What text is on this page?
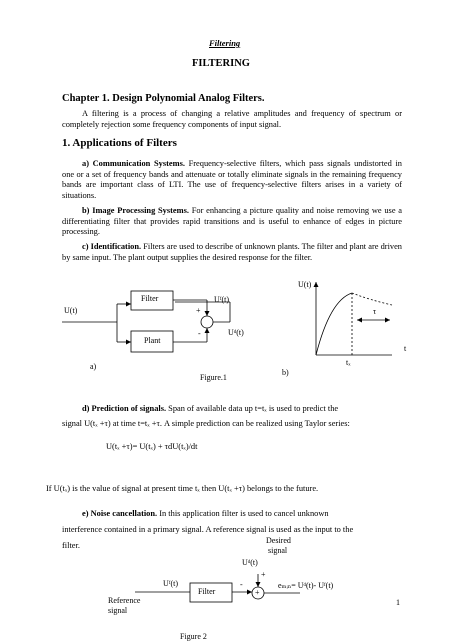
Filtering
FILTERING
Chapter 1. Design Polynomial Analog Filters.
A filtering is a process of changing a relative amplitudes and frequency of spectrum or completely rejection some frequency components of input signal.
1. Applications of Filters
a) Communication Systems. Frequency-selective filters, which pass signals undistorted in one or a set of frequency bands and attenuate or totally eliminate signals in the remaining frequency bands are important class of LTI. The use of frequency-selective filters arises in a variety of situations.
b) Image Processing Systems. For enhancing a picture quality and noise removing we use a differentiating filter that provides rapid transitions and is useful to enhance of edges in picture processing.
c) Identification. Filters are used to describe of unknown plants. The filter and plant are driven by same input. The plant output supplies the desired response for the filter.
U(t)
Filter
Plant
Uᶠ(t)
Uᵈ(t)
+
-
a)
b)
U(t)
t
τ
tₓ
Figure.1
d) Prediction of signals. Span of available data up t=tₓ is used to predict the
signal U(tₓ +τ) at time t=tₓ +τ. A simple prediction can be realized using Taylor series:
U(tₓ +τ)= U(tₓ) + τdU(tₓ)/dt
If U(tₓ) is the value of signal at present time tₓ then U(tₓ +τ) belongs to the future.
e) Noise cancellation. In this application filter is used to cancel unknown
interference contained in a primary signal. A reference signal is used as the input to the
filter.
Desired
signal
Uᵈ(t)
+
Uᶠ(t)
Filter
-
+
eₘᵢₙ= Uᵈ(t)- Uᶠ(t)
Reference
signal
Figure 2
1
